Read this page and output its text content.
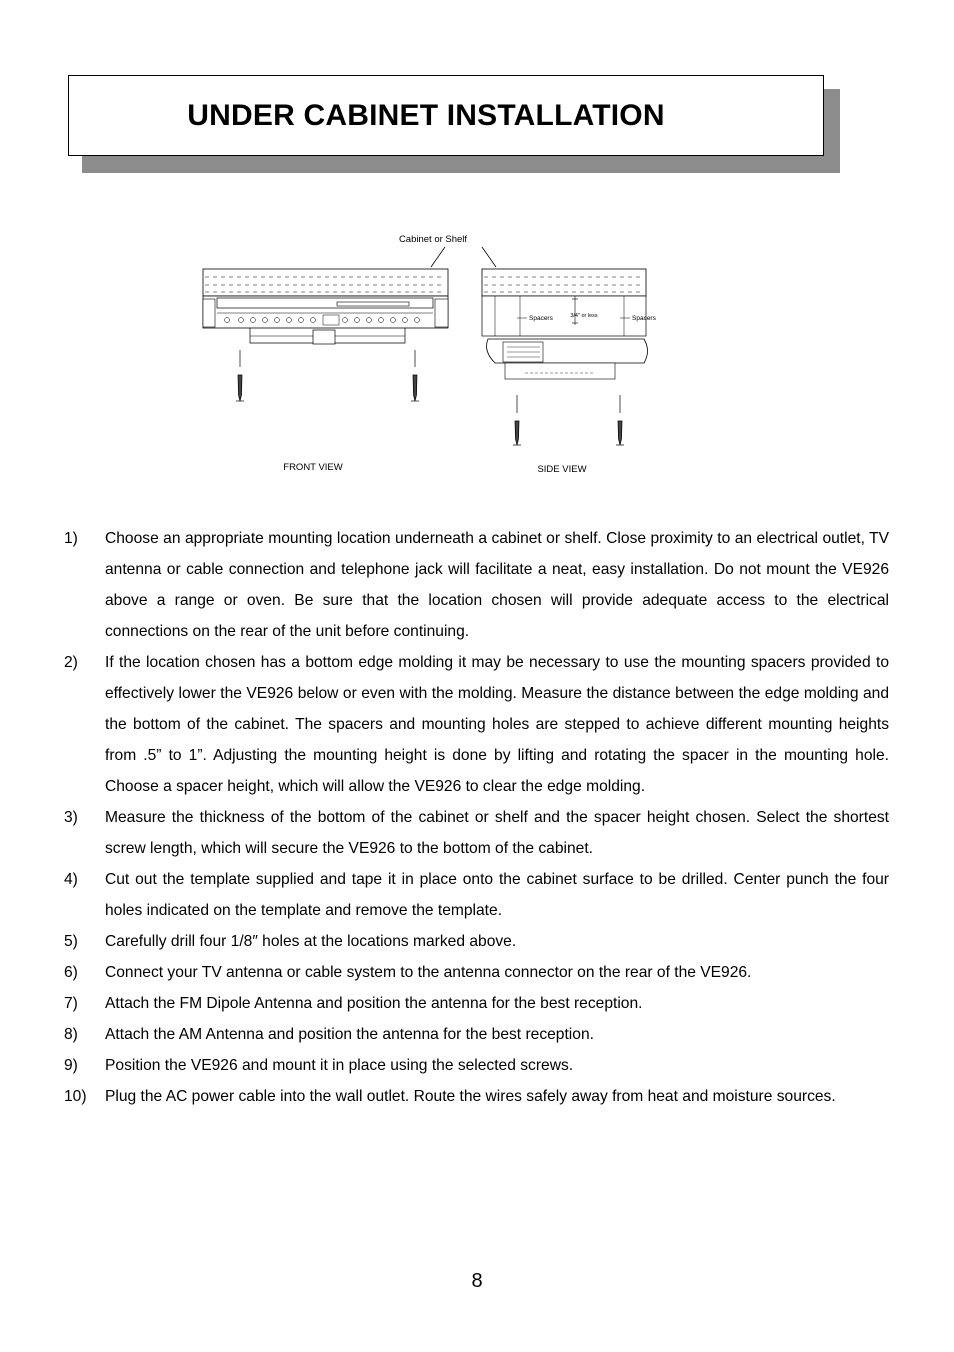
UNDER CABINET INSTALLATION
Cabinet or Shelf
FRONT VIEW
Spacers	3/4" or less	Spacers
SIDE VIEW
1) Choose an appropriate mounting location underneath a cabinet or shelf. Close proximity to an electrical outlet, TV antenna or cable connection and telephone jack will facilitate a neat, easy installation. Do not mount the VE926 above a range or oven. Be sure that the location chosen will provide adequate access to the electrical connections on the rear of the unit before continuing.
2) If the location chosen has a bottom edge molding it may be necessary to use the mounting spacers provided to effectively lower the VE926 below or even with the molding. Measure the distance between the edge molding and the bottom of the cabinet. The spacers and mounting holes are stepped to achieve different mounting heights from .5” to 1”. Adjusting the mounting height is done by lifting and rotating the spacer in the mounting hole. Choose a spacer height, which will allow the VE926 to clear the edge molding.
3) Measure the thickness of the bottom of the cabinet or shelf and the spacer height chosen. Select the shortest screw length, which will secure the VE926 to the bottom of the cabinet.
4) Cut out the template supplied and tape it in place onto the cabinet surface to be drilled. Center punch the four holes indicated on the template and remove the template.
5) Carefully drill four 1/8″ holes at the locations marked above.
6) Connect your TV antenna or cable system to the antenna connector on the rear of the VE926.
7) Attach the FM Dipole Antenna and position the antenna for the best reception.
8) Attach the AM Antenna and position the antenna for the best reception.
9) Position the VE926 and mount it in place using the selected screws.
10) Plug the AC power cable into the wall outlet. Route the wires safely away from heat and moisture sources.
8
